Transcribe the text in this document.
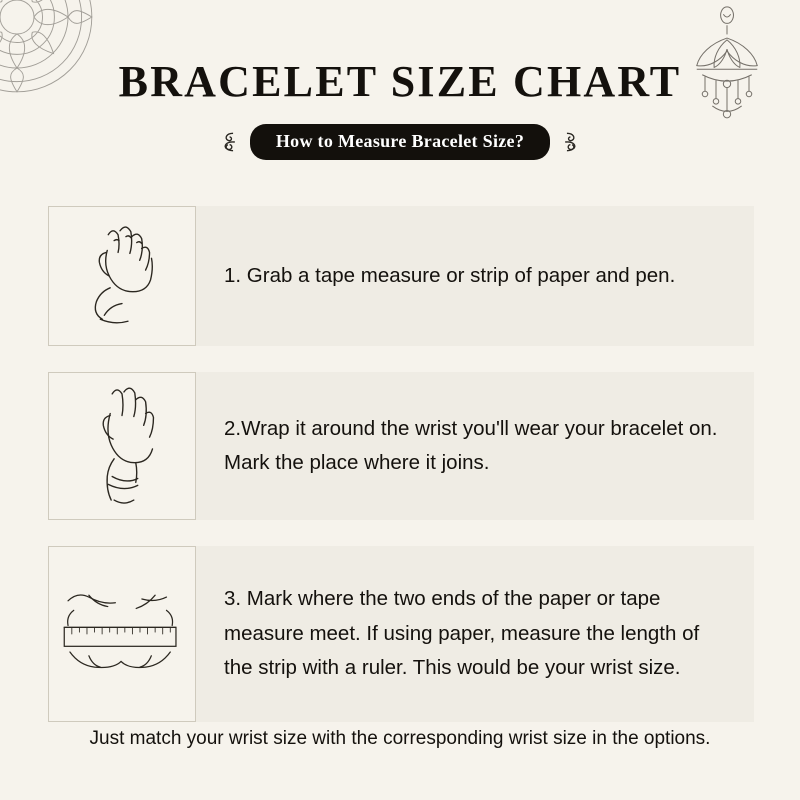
BRACELET SIZE CHART
How to Measure Bracelet Size?
1. Grab a tape measure or strip of paper and pen.
2.Wrap it around the wrist you'll wear your bracelet on. Mark the place where it joins.
3. Mark where the two ends of the paper or tape measure meet. If using paper, measure the length of the strip with a ruler. This would be your wrist size.
Just match your wrist size with the corresponding wrist size in the options.
